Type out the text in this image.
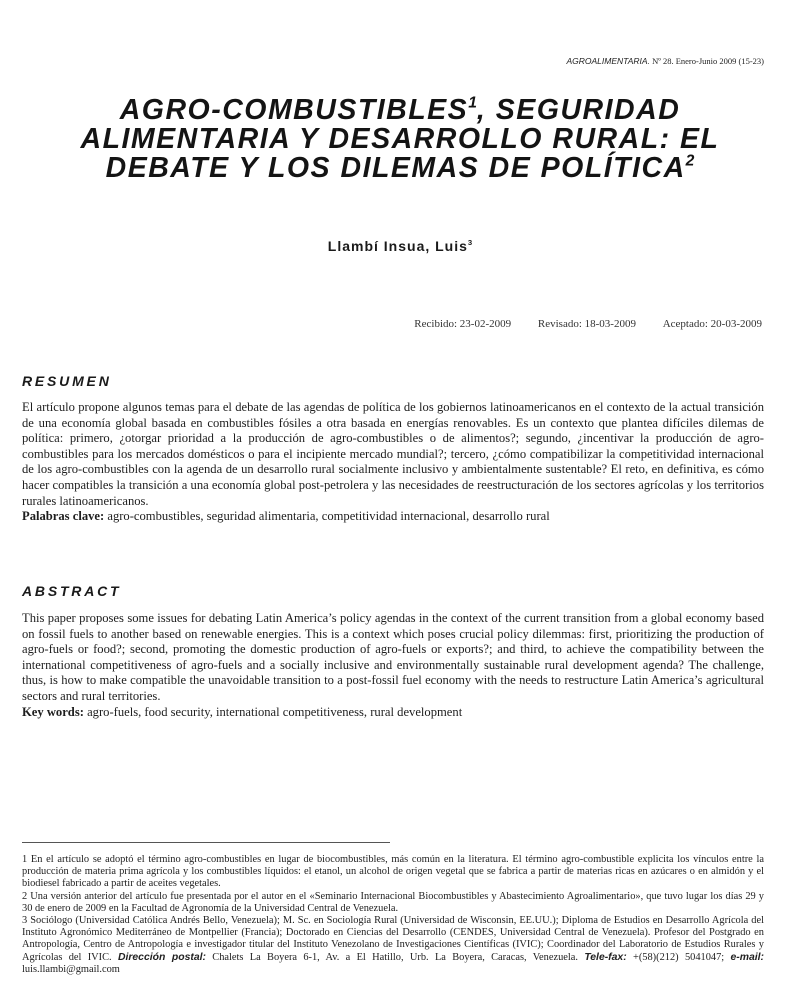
AGROALIMENTARIA. Nº 28. Enero-Junio 2009 (15-23)
AGRO-COMBUSTIBLES$^1$, SEGURIDAD
ALIMENTARIA Y DESARROLLO RURAL: EL
DEBATE Y LOS DILEMAS DE POLÍTICA$^2$
Llambí Insua, Luis$^3$
Recibido: 23-02-2009 Revisado: 18-03-2009 Aceptado: 20-03-2009
RESUMEN

El artículo propone algunos temas para el debate de las agendas de política de los gobiernos latinoamericanos en el contexto de la actual transición de una economía global basada en combustibles fósiles a otra basada en energías renovables. Es un contexto que plantea difíciles dilemas de política: primero, ¿otorgar prioridad a la producción de agro-combustibles o de alimentos?; segundo, ¿incentivar la producción de agro-combustibles para los mercados domésticos o para el incipiente mercado mundial?; tercero, ¿cómo compatibilizar la competitividad internacional de los agro-combustibles con la agenda de un desarrollo rural socialmente inclusivo y ambientalmente sustentable? El reto, en definitiva, es cómo hacer compatibles la transición a una economía global post-petrolera y las necesidades de reestructuración de los sectores agrícolas y los territorios rurales latinoamericanos.
Palabras clave: agro-combustibles, seguridad alimentaria, competitividad internacional, desarrollo rural

ABSTRACT

This paper proposes some issues for debating Latin America’s policy agendas in the context of the current transition from a global economy based on fossil fuels to another based on renewable energies. This is a context which poses crucial policy dilemmas: first, prioritizing the production of agro-fuels or food?; second, promoting the domestic production of agro-fuels or exports?; and third, to achieve the compatibility between the international competitiveness of agro-fuels and a socially inclusive and environmentally sustainable rural development agenda? The challenge, thus, is how to make compatible the unavoidable transition to a post-fossil fuel economy with the needs to restructure Latin America’s agricultural sectors and rural territories.
Key words: agro-fuels, food security, international competitiveness, rural development

1 En el artículo se adoptó el término agro-combustibles en lugar de biocombustibles, más común en la literatura. El término agro-combustible explicita los vínculos entre la producción de materia prima agrícola y los combustibles líquidos: el etanol, un alcohol de origen vegetal que se fabrica a partir de materias ricas en azúcares o en almidón y el biodiesel fabricado a partir de aceites vegetales.

2 Una versión anterior del artículo fue presentada por el autor en el «Seminario Internacional Biocombustibles y Abastecimiento Agroalimentario», que tuvo lugar los días 29 y 30 de enero de 2009 en la Facultad de Agronomía de la Universidad Central de Venezuela.

3 Sociólogo (Universidad Católica Andrés Bello, Venezuela); M. Sc. en Sociología Rural (Universidad de Wisconsin, EE.UU.); Diploma de Estudios en Desarrollo Agrícola del Instituto Agronómico Mediterráneo de Montpellier (Francia); Doctorado en Ciencias del Desarrollo (CENDES, Universidad Central de Venezuela). Profesor del Postgrado en Antropología, Centro de Antropología e investigador titular del Instituto Venezolano de Investigaciones Científicas (IVIC); Coordinador del Laboratorio de Estudios Rurales y Agrícolas del IVIC. Dirección postal: Chalets La Boyera 6-1, Av. a El Hatillo, Urb. La Boyera, Caracas, Venezuela. Tele-fax: +(58)(212) 5041047; e-mail: luis.llambi@gmail.com
